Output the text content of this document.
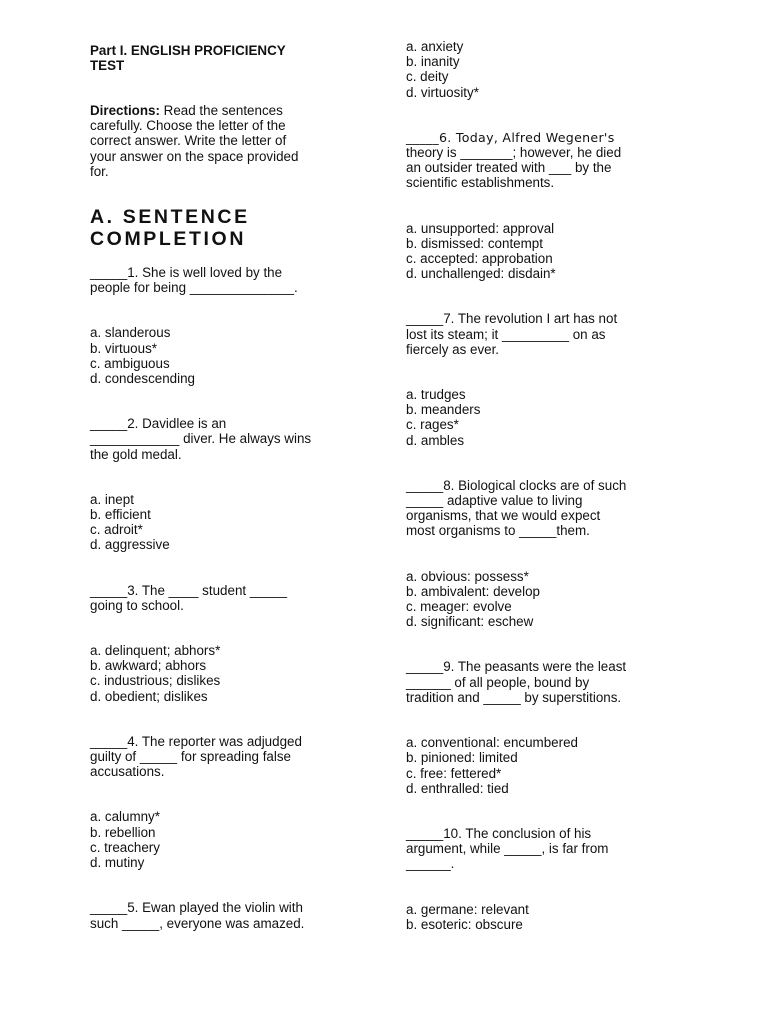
Part I. ENGLISH PROFICIENCY
TEST
Directions: Read the sentences
carefully. Choose the letter of the
correct answer. Write the letter of
your answer on the space provided
for.
A. SENTENCE
COMPLETION
_____1. She is well loved by the
people for being ______________.
a. slanderous
b. virtuous*
c. ambiguous
d. condescending
_____2. Davidlee is an
____________ diver. He always wins
the gold medal.
a. inept
b. efficient
c. adroit*
d. aggressive
_____3. The ____ student _____
going to school.
a. delinquent; abhors*
b. awkward; abhors
c. industrious; dislikes
d. obedient; dislikes
_____4. The reporter was adjudged
guilty of _____ for spreading false
accusations.
a. calumny*
b. rebellion
c. treachery
d. mutiny
_____5. Ewan played the violin with
such _____, everyone was amazed.
a. anxiety
b. inanity
c. deity
d. virtuosity*
_____6. Today, Alfred Wegener's
theory is _______; however, he died
an outsider treated with ___ by the
scientific establishments.
a. unsupported: approval
b. dismissed: contempt
c. accepted: approbation
d. unchallenged: disdain*
_____7. The revolution I art has not
lost its steam; it _________ on as
fiercely as ever.
a. trudges
b. meanders
c. rages*
d. ambles
_____8. Biological clocks are of such
_____ adaptive value to living
organisms, that we would expect
most organisms to _____them.
a. obvious: possess*
b. ambivalent: develop
c. meager: evolve
d. significant: eschew
_____9. The peasants were the least
______ of all people, bound by
tradition and _____ by superstitions.
a. conventional: encumbered
b. pinioned: limited
c. free: fettered*
d. enthralled: tied
_____10. The conclusion of his
argument, while _____, is far from
______.
a. germane: relevant
b. esoteric: obscure
